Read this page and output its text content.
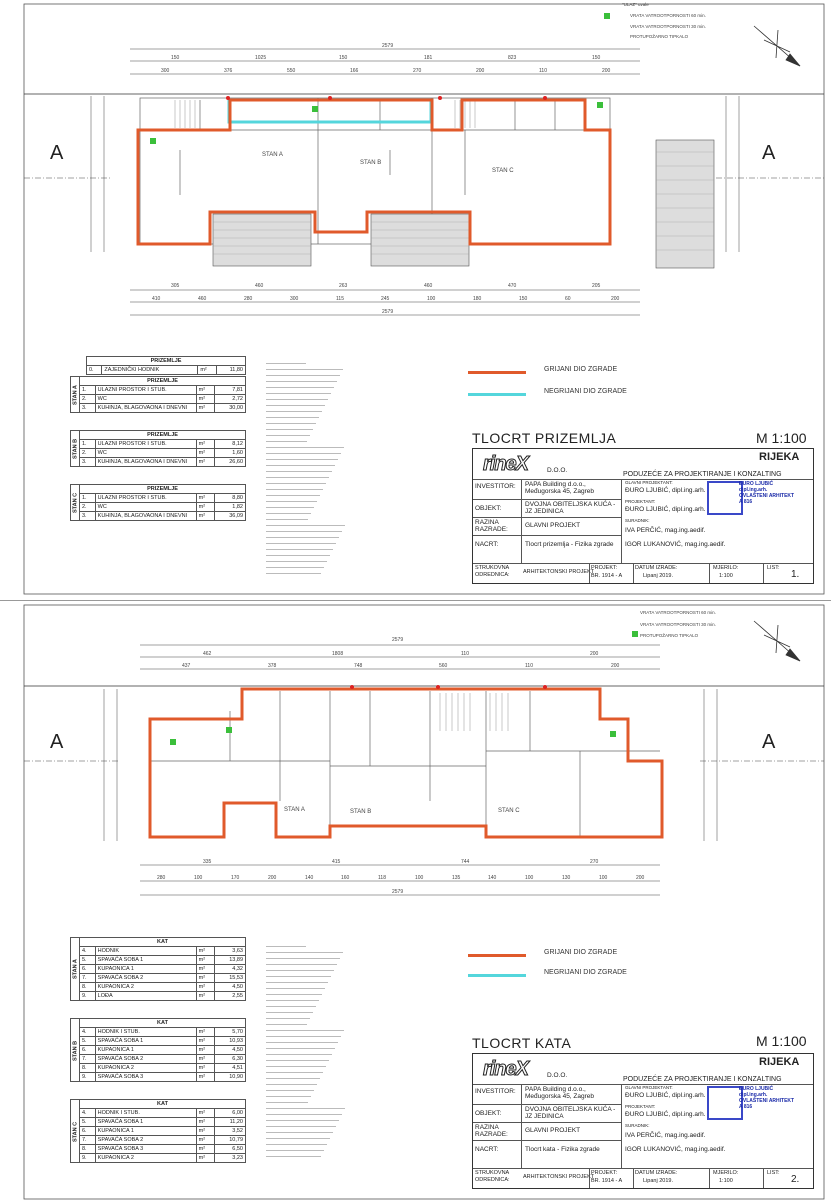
A	A
150	1025	150	181	823	150
300	376	550	166	270	200	110	200
305	460	263	460	470	205
410	460	280	300	115	245	100	180	150	60	200
2579
2579
STAN A
STAN B
STAN C
"ULAZ" uvale
VRATA VATROOTPORNOSTI 60 min.
VRATA VATROOTPORNOSTI 30 min.
PROTUPOŽARNO TIPKALO
PRIZEMLJE
0.	ZAJEDNIČKI HODNIK	m²	11,80
STAN A	PRIZEMLJE			
	1.	ULAZNI PROSTOR I STUB.	m²	7,81
	2.	WC	m²	2,72
	3.	KUHINJA, BLAGOVAONA I DNEVNI	m²	30,00
STAN B	PRIZEMLJE			
	1.	ULAZNI PROSTOR I STUB.	m²	8,12
	2.	WC	m²	1,60
	3.	KUHINJA, BLAGOVAONA I DNEVNI	m²	26,60
STAN C	PRIZEMLJE			
	1.	ULAZNI PROSTOR I STUB.	m²	8,80
	2.	WC	m²	1,82
	3.	KUHINJA, BLAGOVAONA I DNEVNI	m²	36,09
GRIJANI DIO ZGRADE
NEGRIJANI DIO ZGRADE
TLOCRT PRIZEMLJA	M 1:100
rineX	D.O.O.
RIJEKA
PODUZEĆE ZA PROJEKTIRANJE I KONZALTING
INVESTITOR: PAPA Building d.o.o., Međugorska 45, Zagreb
OBJEKT:
DVOJNA OBITELJSKA KUĆA - JZ JEDINICA
RAZINA RAZRADE:
GLAVNI PROJEKT
NACRT:	Tlocrt prizemlja - Fizika zgrade
GLAVNI PROJEKTANT:
ĐURO LJUBIĆ, dipl.ing.arh.
PROJEKTANT:
ĐURO LJUBIĆ, dipl.ing.arh.
SURADNIK:
IVA PERČIĆ, mag.ing.aedif.
IGOR LUKANOVIĆ, mag.ing.aedif.
ĐURO LJUBIĆ
dipl.ing.arh.
OVLAŠTENI ARHITEKT
A 816
STRUKOVNA ODREDNICA:	ARHITEKTONSKI PROJEKT
PROJEKT:
BR. 1914 - A
DATUM IZRADE:
Lipanj 2019.
MJERILO:
1:100
LIST:
1.
A	A
462	1808	110	200
437	378	748	560	110	200
335	415	744	270
280	100	170	200	140	160	118	100	135	140	100	130	100	200
2579
2579
STAN A	STAN B	STAN C
VRATA VATROOTPORNOSTI 60 min.
VRATA VATROOTPORNOSTI 30 min.
PROTUPOŽARNO TIPKALO
STAN A	KAT			
	4.	HODNIK	m²	3,63
	5.	SPAVAĆA SOBA 1	m²	13,89
	6.	KUPAONICA 1	m²	4,32
	7.	SPAVAĆA SOBA 2	m²	15,53
	8.	KUPAONICA 2	m²	4,50
	9.	LOĐA	m²	2,55
STAN B	KAT			
	4.	HODNIK I STUB.	m²	5,70
	5.	SPAVAĆA SOBA 1	m²	10,93
	6.	KUPAONICA 1	m²	4,50
	7.	SPAVAĆA SOBA 2	m²	6,30
	8.	KUPAONICA 2	m²	4,51
	9.	SPAVAĆA SOBA 3	m²	10,90
STAN C	KAT			
	4.	HODNIK I STUB.	m²	6,00
	5.	SPAVAĆA SOBA 1	m²	11,20
	6.	KUPAONICA 1	m²	3,52
	7.	SPAVAĆA SOBA 2	m²	10,79
	8.	SPAVAĆA SOBA 3	m²	6,50
	9.	KUPAONICA 2	m²	3,23
GRIJANI DIO ZGRADE
NEGRIJANI DIO ZGRADE
TLOCRT KATA	M 1:100
rineX	D.O.O.
RIJEKA
PODUZEĆE ZA PROJEKTIRANJE I KONZALTING
INVESTITOR: PAPA Building d.o.o., Međugorska 45, Zagreb
OBJEKT:
DVOJNA OBITELJSKA KUĆA - JZ JEDINICA
RAZINA RAZRADE:
GLAVNI PROJEKT
NACRT:	Tlocrt kata - Fizika zgrade
GLAVNI PROJEKTANT:
ĐURO LJUBIĆ, dipl.ing.arh.
PROJEKTANT:
ĐURO LJUBIĆ, dipl.ing.arh.
SURADNIK:
IVA PERČIĆ, mag.ing.aedif.
IGOR LUKANOVIĆ, mag.ing.aedif.
ĐURO LJUBIĆ
dipl.ing.arh.
OVLAŠTENI ARHITEKT
A 816
STRUKOVNA ODREDNICA:	ARHITEKTONSKI PROJEKT
PROJEKT:
BR. 1914 - A
DATUM IZRADE:
Lipanj 2019.
MJERILO:
1:100
LIST:
2.
